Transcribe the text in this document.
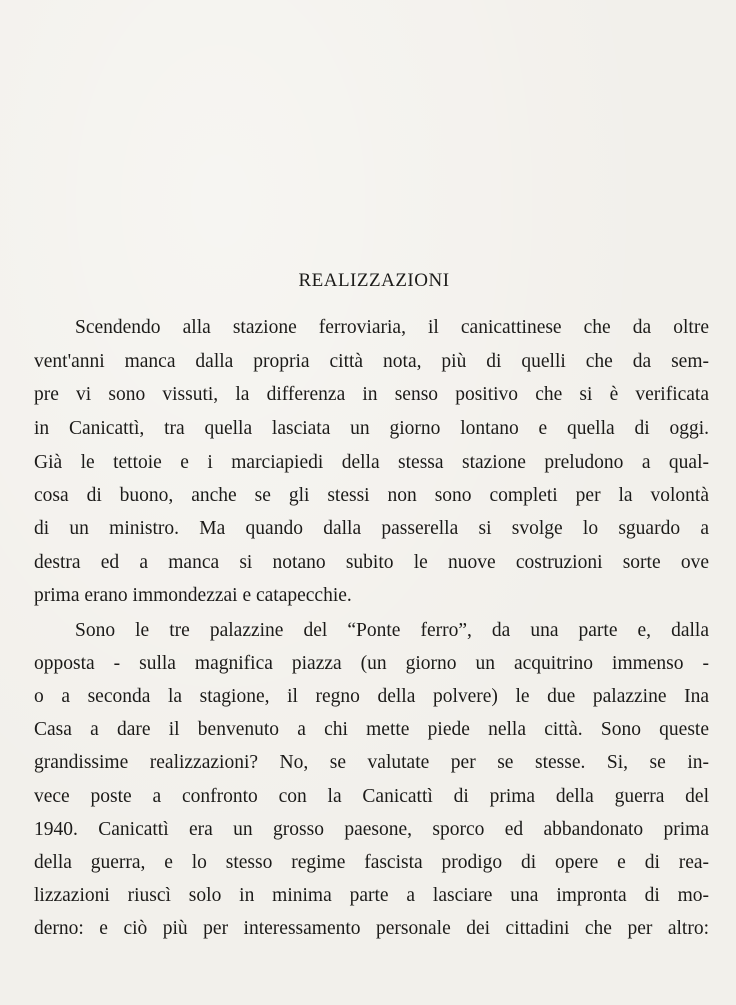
REALIZZAZIONI
Scendendo alla stazione ferroviaria, il canicattinese che da oltre
vent'anni manca dalla propria città nota, più di quelli che da sem-
pre vi sono vissuti, la differenza in senso positivo che si è verificata
in Canicattì, tra quella lasciata un giorno lontano e quella di oggi.
Già le tettoie e i marciapiedi della stessa stazione preludono a qual-
cosa di buono, anche se gli stessi non sono completi per la volontà
di un ministro. Ma quando dalla passerella si svolge lo sguardo a
destra ed a manca si notano subito le nuove costruzioni sorte ove
prima erano immondezzai e catapecchie.
Sono le tre palazzine del “Ponte ferro”, da una parte e, dalla
opposta - sulla magnifica piazza (un giorno un acquitrino immenso -
o a seconda la stagione, il regno della polvere) le due palazzine Ina
Casa a dare il benvenuto a chi mette piede nella città. Sono queste
grandissime realizzazioni? No, se valutate per se stesse. Si, se in-
vece poste a confronto con la Canicattì di prima della guerra del
1940. Canicattì era un grosso paesone, sporco ed abbandonato prima
della guerra, e lo stesso regime fascista prodigo di opere e di rea-
lizzazioni riuscì solo in minima parte a lasciare una impronta di mo-
derno: e ciò più per interessamento personale dei cittadini che per altro:
